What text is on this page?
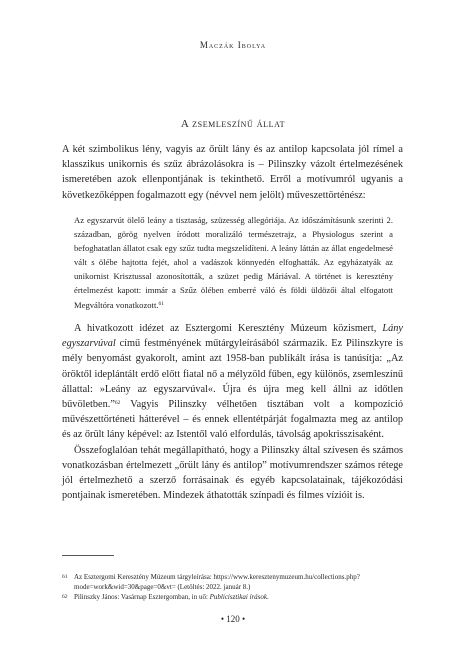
Maczák Ibolya
A zsemleszínű állat

A két szimbolikus lény, vagyis az őrült lány és az antilop kapcsolata jól rímel a klasszikus unikornis és szűz ábrázolásokra is – Pilinszky vázolt értelmezésének ismeretében azok ellenpontjának is tekinthető. Erről a motívumról ugyanis a következőképpen fogalmazott egy (névvel nem jelölt) műveszettörténész:

Az egyszarvút ölelő leány a tisztaság, szüzesség allegóriája. Az időszámításunk szerinti 2. században, görög nyelven íródott moralizáló természetrajz, a Physiologus szerint a befoghatatlan állatot csak egy szűz tudta megszelídíteni. A leány láttán az állat engedelmesé vált s ölébe hajtotta fejét, ahol a vadászok könnyedén elfoghatták. Az egyházatyák az unikornist Krisztussal azonosították, a szüzet pedig Máriával. A történet is keresztény értelmezést kapott: immár a Szűz ölében emberré váló és földi üldözői által elfogatott Megváltóra vonatkozott.$^{61}$

A hivatkozott idézet az Esztergomi Keresztény Múzeum közismert, Lány egyszarvúval című festményének műtárgyleírásából származik. Ez Pilinszkyre is mély benyomást gyakorolt, amint azt 1958-ban publikált írása is tanúsítja: „Az öröktől ideplántált erdő előtt fiatal nő a mélyzöld fűben, egy különös, zsemleszínű állattal: »Leány az egyszarvúval«. Újra és újra meg kell állni az időtlen bűvöletben.”$^{62}$ Vagyis Pilinszky vélhetően tisztában volt a kompozíció művészettörténeti hátterével – és ennek ellentétpárját fogalmazta meg az antilop és az őrült lány képével: az Istentől való elfordulás, távolság apokrisszisaként.

Összefoglalóan tehát megállapítható, hogy a Pilinszky által szívesen és számos vonatkozásban értelmezett „őrült lány és antilop” motívumrendszer számos rétege jól értelmezhető a szerző forrásainak és egyéb kapcsolatainak, tájékozódási pontjainak ismeretében. Mindezek áthatották színpadi és filmes vízióit is.

61 Az Esztergomi Keresztény Múzeum tárgyleírása: https://www.keresztenymuzeum.hu/collections.php?mode=work&wid=30&page=0&vt= (Letöltés: 2022. január 8.)

62 Pilinszky János: Vasárnap Esztergomban, in uő: Publicisztikai írások.

• 120 •
